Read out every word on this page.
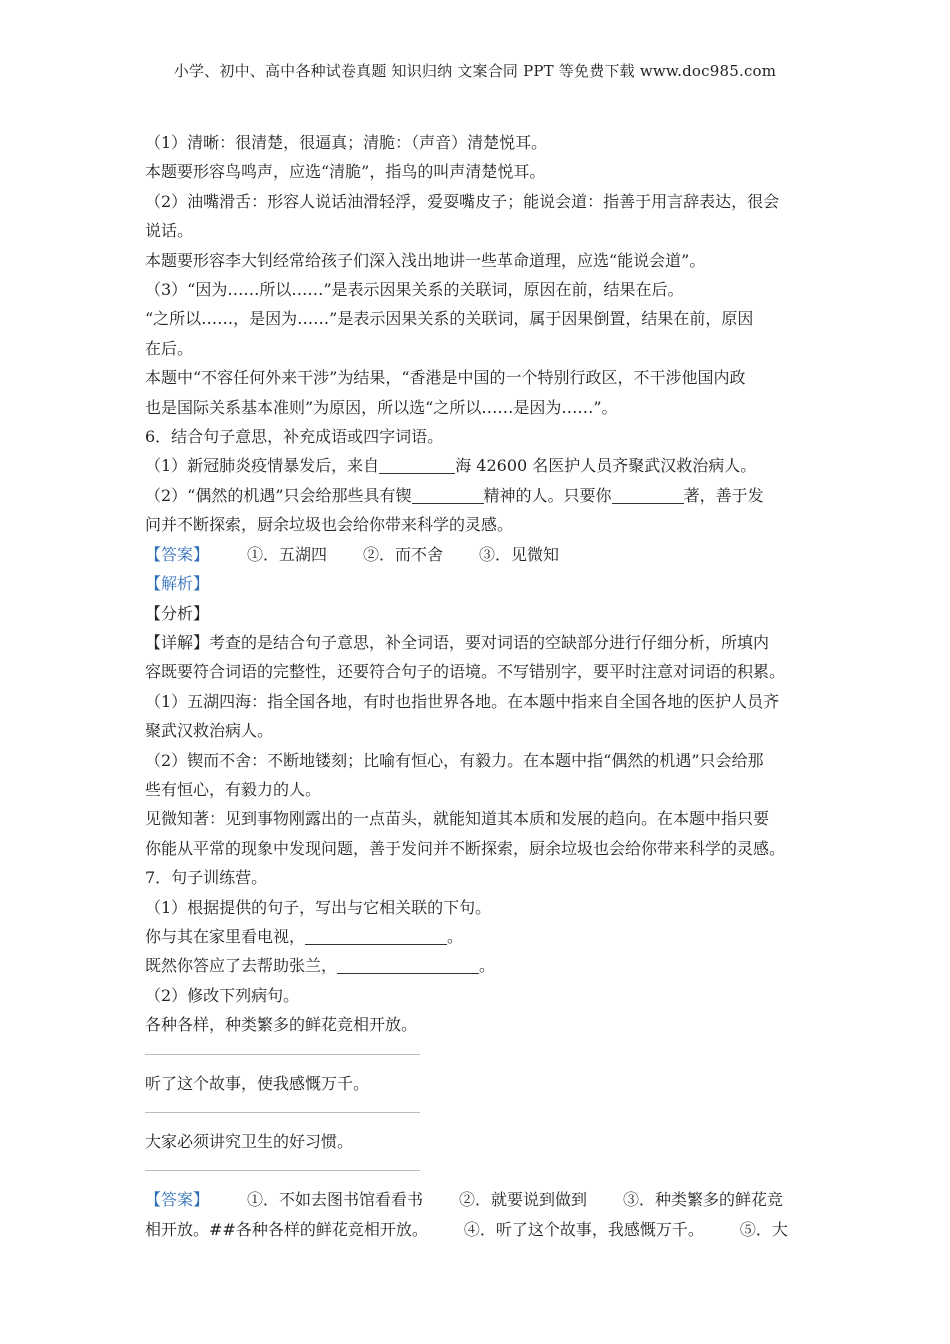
小学、初中、高中各种试卷真题 知识归纳 文案合同 PPT 等免费下载 www.doc985.com
（1）清晰：很清楚，很逼真；清脆：（声音）清楚悦耳。
本题要形容鸟鸣声，应选“清脆”，指鸟的叫声清楚悦耳。
（2）油嘴滑舌：形容人说话油滑轻浮，爱耍嘴皮子；能说会道：指善于用言辞表达，很会
说话。
本题要形容李大钊经常给孩子们深入浅出地讲一些革命道理，应选“能说会道”。
（3）“因为……所以……”是表示因果关系的关联词，原因在前，结果在后。
“之所以……，是因为……”是表示因果关系的关联词，属于因果倒置，结果在前，原因
在后。
本题中“不容任何外来干涉”为结果，“香港是中国的一个特别行政区，不干涉他国内政
也是国际关系基本准则”为原因，所以选“之所以……是因为……”。
6．结合句子意思，补充成语或四字词语。
（1）新冠肺炎疫情暴发后，来自	海 42600 名医护人员齐聚武汉救治病人。
（2）“偶然的机遇”只会给那些具有锲	精神的人。只要你	著，善于发
问并不断探索，厨余垃圾也会给你带来科学的灵感。
【答案】 ①．五湖四 ②．而不舍 ③．见微知
【解析】
【分析】
【详解】考查的是结合句子意思，补全词语，要对词语的空缺部分进行仔细分析，所填内
容既要符合词语的完整性，还要符合句子的语境。不写错别字，要平时注意对词语的积累。
（1）五湖四海：指全国各地，有时也指世界各地。在本题中指来自全国各地的医护人员齐
聚武汉救治病人。
（2）锲而不舍：不断地镂刻；比喻有恒心，有毅力。在本题中指“偶然的机遇”只会给那
些有恒心，有毅力的人。
见微知著：见到事物刚露出的一点苗头，就能知道其本质和发展的趋向。在本题中指只要
你能从平常的现象中发现问题，善于发问并不断探索，厨余垃圾也会给你带来科学的灵感。
7．句子训练营。
（1）根据提供的句子，写出与它相关联的下句。
你与其在家里看电视，	。
既然你答应了去帮助张兰，	。
（2）修改下列病句。
各种各样，种类繁多的鲜花竞相开放。
听了这个故事，使我感慨万千。
大家必须讲究卫生的好习惯。
【答案】 ①．不如去图书馆看看书 ②．就要说到做到 ③．种类繁多的鲜花竞
相开放。##各种各样的鲜花竞相开放。 ④．听了这个故事，我感慨万千。 ⑤．大
